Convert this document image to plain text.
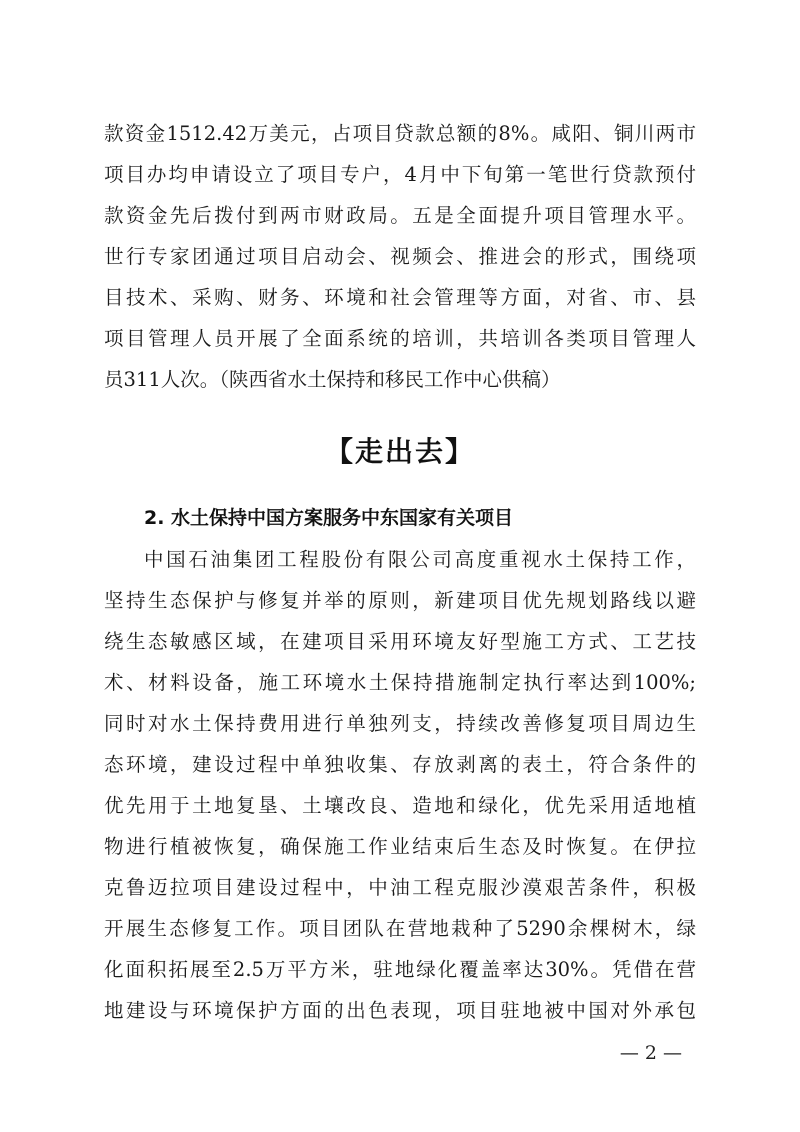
款资金1512.42万美元，占项目贷款总额的8%。咸阳、铜川两市
项目办均申请设立了项目专户，4月中下旬第一笔世行贷款预付
款资金先后拨付到两市财政局。五是全面提升项目管理水平。
世行专家团通过项目启动会、视频会、推进会的形式，围绕项
目技术、采购、财务、环境和社会管理等方面，对省、市、县
项目管理人员开展了全面系统的培训，共培训各类项目管理人
员311人次。（陕西省水土保持和移民工作中心供稿）
【走出去】
2. 水土保持中国方案服务中东国家有关项目
中国石油集团工程股份有限公司高度重视水土保持工作，
坚持生态保护与修复并举的原则，新建项目优先规划路线以避
绕生态敏感区域，在建项目采用环境友好型施工方式、工艺技
术、材料设备，施工环境水土保持措施制定执行率达到100%;
同时对水土保持费用进行单独列支，持续改善修复项目周边生
态环境，建设过程中单独收集、存放剥离的表土，符合条件的
优先用于土地复垦、土壤改良、造地和绿化，优先采用适地植
物进行植被恢复，确保施工作业结束后生态及时恢复。在伊拉
克鲁迈拉项目建设过程中，中油工程克服沙漠艰苦条件，积极
开展生态修复工作。项目团队在营地栽种了5290余棵树木，绿
化面积拓展至2.5万平方米，驻地绿化覆盖率达30%。凭借在营
地建设与环境保护方面的出色表现，项目驻地被中国对外承包
— 2 —
